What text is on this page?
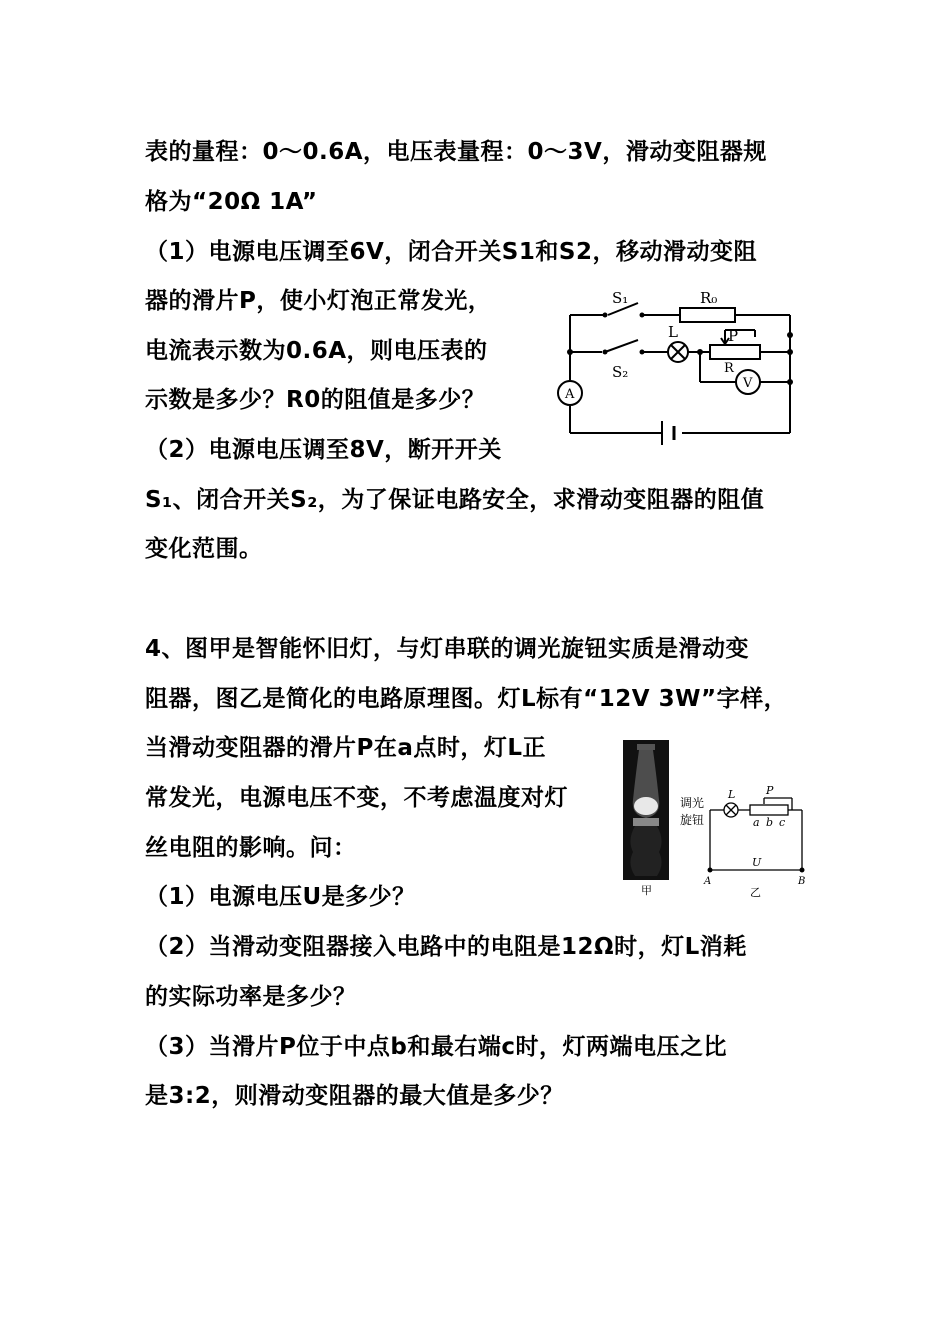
表的量程：0～0.6A，电压表量程：0～3V，滑动变阻器规
格为“20Ω 1A”
（1）电源电压调至6V，闭合开关S1和S2，移动滑动变阻
器的滑片P，使小灯泡正常发光，
电流表示数为0.6A，则电压表的
示数是多少？R0的阻值是多少？
（2）电源电压调至8V，断开开关
S₁、闭合开关S₂，为了保证电路安全，求滑动变阻器的阻值
变化范围。
4、图甲是智能怀旧灯，与灯串联的调光旋钮实质是滑动变
阻器，图乙是简化的电路原理图。灯L标有“12V 3W”字样，
当滑动变阻器的滑片P在a点时，灯L正
常发光，电源电压不变，不考虑温度对灯
丝电阻的影响。问：
（1）电源电压U是多少？
（2）当滑动变阻器接入电路中的电阻是12Ω时，灯L消耗
的实际功率是多少？
（3）当滑片P位于中点b和最右端c时，灯两端电压之比
是3:2，则滑动变阻器的最大值是多少？
S₁	R₀
L	P
R
S₂
V
A
调光
旋钮
L	P
a b c
U
A	B
乙
甲
